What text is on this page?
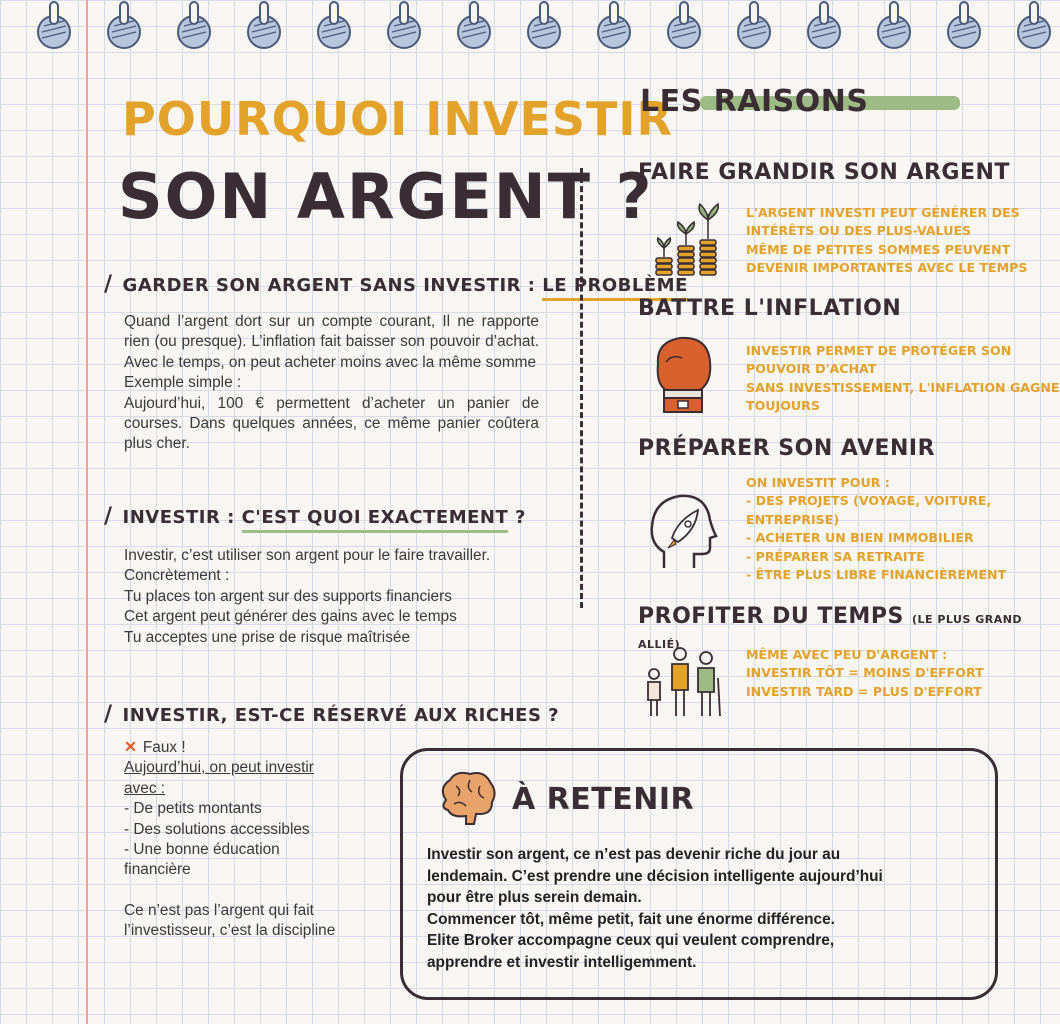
POURQUOI INVESTIR
SON ARGENT ?
/ GARDER SON ARGENT SANS INVESTIR : LE PROBLÈME

Quand l’argent dort sur un compte courant, Il ne rapporte rien (ou presque). L’inflation fait baisser son pouvoir d’achat. Avec le temps, on peut acheter moins avec la même somme

Exemple simple :

Aujourd’hui, 100 € permettent d’acheter un panier de courses. Dans quelques années, ce même panier coûtera plus cher.

/ INVESTIR : C'EST QUOI EXACTEMENT ?

Investir, c’est utiliser son argent pour le faire travailler.

Concrètement :

Tu places ton argent sur des supports financiers

Cet argent peut générer des gains avec le temps

Tu acceptes une prise de risque maîtrisée

/ INVESTIR, EST-CE RÉSERVÉ AUX RICHES ?

✕ Faux !

Aujourd’hui, on peut investir

avec :

- De petits montants

- Des solutions accessibles

- Une bonne éducation

financière

Ce n’est pas l’argent qui fait

l’investisseur, c’est la discipline

LES RAISONS
FAIRE GRANDIR SON ARGENT
L'ARGENT INVESTI PEUT GÉNÉRER DES
INTÉRÊTS OU DES PLUS-VALUES
MÊME DE PETITES SOMMES PEUVENT
DEVENIR IMPORTANTES AVEC LE TEMPS
BATTRE L'INFLATION
INVESTIR PERMET DE PROTÉGER SON
POUVOIR D'ACHAT
SANS INVESTISSEMENT, L'INFLATION GAGNE
TOUJOURS
PRÉPARER SON AVENIR
ON INVESTIT POUR :
- DES PROJETS (VOYAGE, VOITURE,
ENTREPRISE)
- ACHETER UN BIEN IMMOBILIER
- PRÉPARER SA RETRAITE
- ÊTRE PLUS LIBRE FINANCIÈREMENT
PROFITER DU TEMPS (LE PLUS GRAND ALLIÉ)
MÊME AVEC PEU D'ARGENT :
INVESTIR TÔT = MOINS D'EFFORT
INVESTIR TARD = PLUS D'EFFORT
À RETENIR
Investir son argent, ce n’est pas devenir riche du jour au
lendemain. C’est prendre une décision intelligente aujourd’hui
pour être plus serein demain.
Commencer tôt, même petit, fait une énorme différence.
Elite Broker accompagne ceux qui veulent comprendre,
apprendre et investir intelligemment.
